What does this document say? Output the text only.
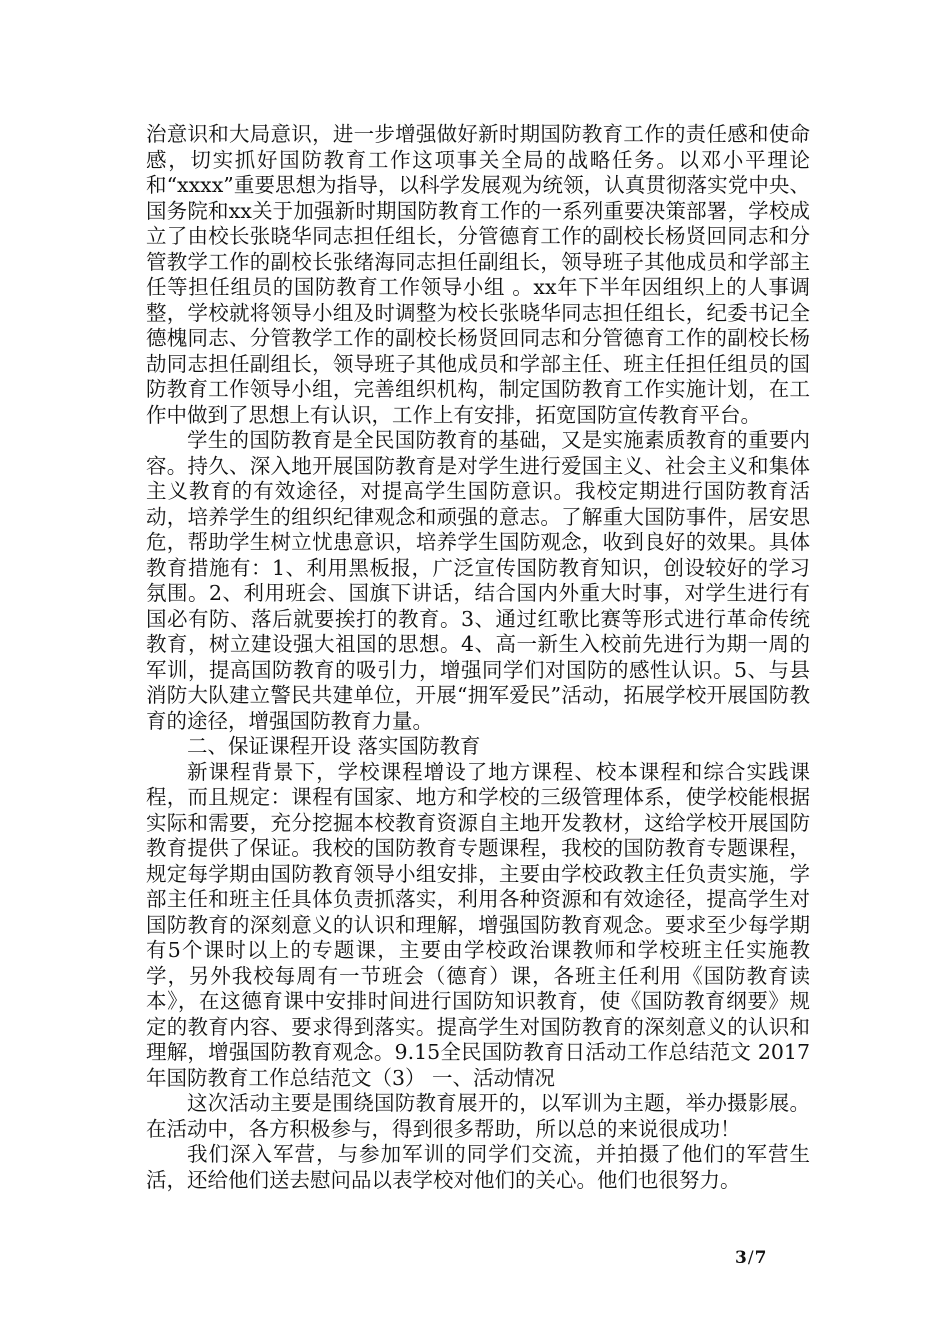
治意识和大局意识，进一步增强做好新时期国防教育工作的责任感和使命感，切实抓好国防教育工作这项事关全局的战略任务。以邓小平理论和“xxxx”重要思想为指导，以科学发展观为统领，认真贯彻落实党中央、国务院和xx关于加强新时期国防教育工作的一系列重要决策部署，学校成立了由校长张晓华同志担任组长，分管德育工作的副校长杨贤回同志和分管教学工作的副校长张绪海同志担任副组长，领导班子其他成员和学部主任等担任组员的国防教育工作领导小组 。xx年下半年因组织上的人事调整，学校就将领导小组及时调整为校长张晓华同志担任组长，纪委书记全德槐同志、分管教学工作的副校长杨贤回同志和分管德育工作的副校长杨 劼同志担任副组长，领导班子其他成员和学部主任、班主任担任组员的国防教育工作领导小组，完善组织机构，制定国防教育工作实施计划，在工作中做到了思想上有认识，工作上有安排，拓宽国防宣传教育平台。

学生的国防教育是全民国防教育的基础，又是实施素质教育的重要内容。持久、深入地开展国防教育是对学生进行爱国主义、社会主义和集体主义教育的有效途径，对提高学生国防意识。我校定期进行国防教育活动，培养学生的组织纪律观念和顽强的意志。了解重大国防事件，居安思危，帮助学生树立忧患意识，培养学生国防观念，收到良好的效果。具体教育措施有：1、利用黑板报，广泛宣传国防教育知识，创设较好的学习氛围。2、利用班会、国旗下讲话，结合国内外重大时事，对学生进行有国必有防、落后就要挨打的教育。3、通过红歌比赛等形式进行革命传统教育，树立建设强大祖国的思想。4、高一新生入校前先进行为期一周的军训，提高国防教育的吸引力，增强同学们对国防的感性认识。5、与县消防大队建立警民共建单位，开展“拥军爱民”活动，拓展学校开展国防教育的途径，增强国防教育力量。

二、保证课程开设 落实国防教育

新课程背景下，学校课程增设了地方课程、校本课程和综合实践课程，而且规定：课程有国家、地方和学校的三级管理体系，使学校能根据实际和需要，充分挖掘本校教育资源自主地开发教材，这给学校开展国防教育提供了保证。我校的国防教育专题课程，我校的国防教育专题课程，规定每学期由国防教育领导小组安排，主要由学校政教主任负责实施，学部主任和班主任具体负责抓落实，利用各种资源和有效途径，提高学生对国防教育的深刻意义的认识和理解，增强国防教育观念。要求至少每学期有5个课时以上的专题课，主要由学校政治课教师和学校班主任实施教学，另外我校每周有一节班会（德育）课，各班主任利用《国防教育读本》，在这德育课中安排时间进行国防知识教育，使《国防教育纲要》规定的教育内容、要求得到落实。提高学生对国防教育的深刻意义的认识和理解，增强国防教育观念。9.15全民国防教育日活动工作总结范文 2017年国防教育工作总结范文（3） 一、活动情况

这次活动主要是围绕国防教育展开的，以军训为主题，举办摄影展。在活动中，各方积极参与，得到很多帮助，所以总的来说很成功！

我们深入军营，与参加军训的同学们交流，并拍摄了他们的军营生活，还给他们送去慰问品以表学校对他们的关心。他们也很努力。

3/7
